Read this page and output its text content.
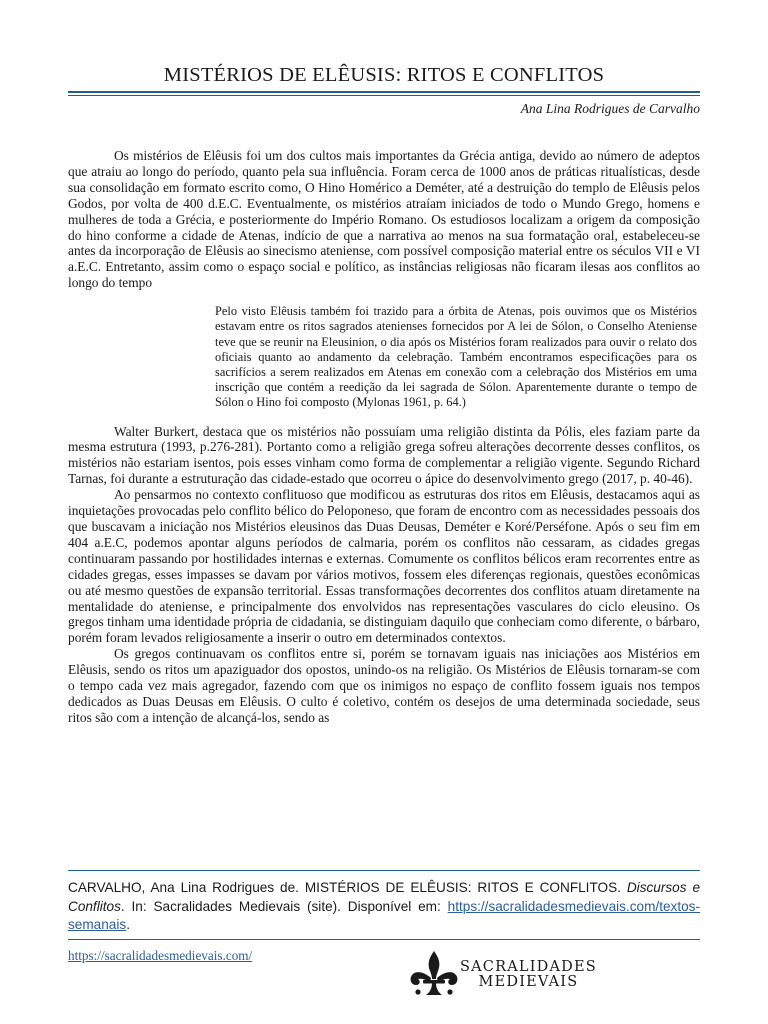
MISTÉRIOS DE ELÊUSIS: RITOS E CONFLITOS
Ana Lina Rodrigues de Carvalho

Os mistérios de Elêusis foi um dos cultos mais importantes da Grécia antiga, devido ao número de adeptos que atraiu ao longo do período, quanto pela sua influência. Foram cerca de 1000 anos de práticas ritualísticas, desde sua consolidação em formato escrito como, O Hino Homérico a Deméter, até a destruição do templo de Elêusis pelos Godos, por volta de 400 d.E.C. Eventualmente, os mistérios atraíam iniciados de todo o Mundo Grego, homens e mulheres de toda a Grécia, e posteriormente do Império Romano. Os estudiosos localizam a origem da composição do hino conforme a cidade de Atenas, indício de que a narrativa ao menos na sua formatação oral, estabeleceu-se antes da incorporação de Elêusis ao sinecismo ateniense, com possível composição material entre os séculos VII e VI a.E.C. Entretanto, assim como o espaço social e político, as instâncias religiosas não ficaram ilesas aos conflitos ao longo do tempo

Pelo visto Elêusis também foi trazido para a órbita de Atenas, pois ouvimos que os Mistérios estavam entre os ritos sagrados atenienses fornecidos por A lei de Sólon, o Conselho Ateniense teve que se reunir na Eleusinion, o dia após os Mistérios foram realizados para ouvir o relato dos oficiais quanto ao andamento da celebração. Também encontramos especificações para os sacrifícios a serem realizados em Atenas em conexão com a celebração dos Mistérios em uma inscrição que contém a reedição da lei sagrada de Sólon. Aparentemente durante o tempo de Sólon o Hino foi composto (Mylonas 1961, p. 64.)

Walter Burkert, destaca que os mistérios não possuíam uma religião distinta da Pólis, eles faziam parte da mesma estrutura (1993, p.276-281). Portanto como a religião grega sofreu alterações decorrente desses conflitos, os mistérios não estariam isentos, pois esses vinham como forma de complementar a religião vigente. Segundo Richard Tarnas, foi durante a estruturação das cidade-estado que ocorreu o ápice do desenvolvimento grego (2017, p. 40-46).

Ao pensarmos no contexto conflituoso que modificou as estruturas dos ritos em Elêusis, destacamos aqui as inquietações provocadas pelo conflito bélico do Peloponeso, que foram de encontro com as necessidades pessoais dos que buscavam a iniciação nos Mistérios eleusinos das Duas Deusas, Deméter e Koré/Perséfone. Após o seu fim em 404 a.E.C, podemos apontar alguns períodos de calmaria, porém os conflitos não cessaram, as cidades gregas continuaram passando por hostilidades internas e externas. Comumente os conflitos bélicos eram recorrentes entre as cidades gregas, esses impasses se davam por vários motivos, fossem eles diferenças regionais, questões econômicas ou até mesmo questões de expansão territorial. Essas transformações decorrentes dos conflitos atuam diretamente na mentalidade do ateniense, e principalmente dos envolvidos nas representações vasculares do ciclo eleusino. Os gregos tinham uma identidade própria de cidadania, se distinguiam daquilo que conheciam como diferente, o bárbaro, porém foram levados religiosamente a inserir o outro em determinados contextos.

Os gregos continuavam os conflitos entre si, porém se tornavam iguais nas iniciações aos Mistérios em Elêusis, sendo os ritos um apaziguador dos opostos, unindo-os na religião. Os Mistérios de Elêusis tornaram-se com o tempo cada vez mais agregador, fazendo com que os inimigos no espaço de conflito fossem iguais nos tempos dedicados as Duas Deusas em Elêusis. O culto é coletivo, contém os desejos de uma determinada sociedade, seus ritos são com a intenção de alcançá-los, sendo as

CARVALHO, Ana Lina Rodrigues de. MISTÉRIOS DE ELÊUSIS: RITOS E CONFLITOS. Discursos e Conflitos. In: Sacralidades Medievais (site). Disponível em: https://sacralidadesmedievais.com/textos-semanais.
https://sacralidadesmedievais.com/
SACRALIDADES
MEDIEVAIS
